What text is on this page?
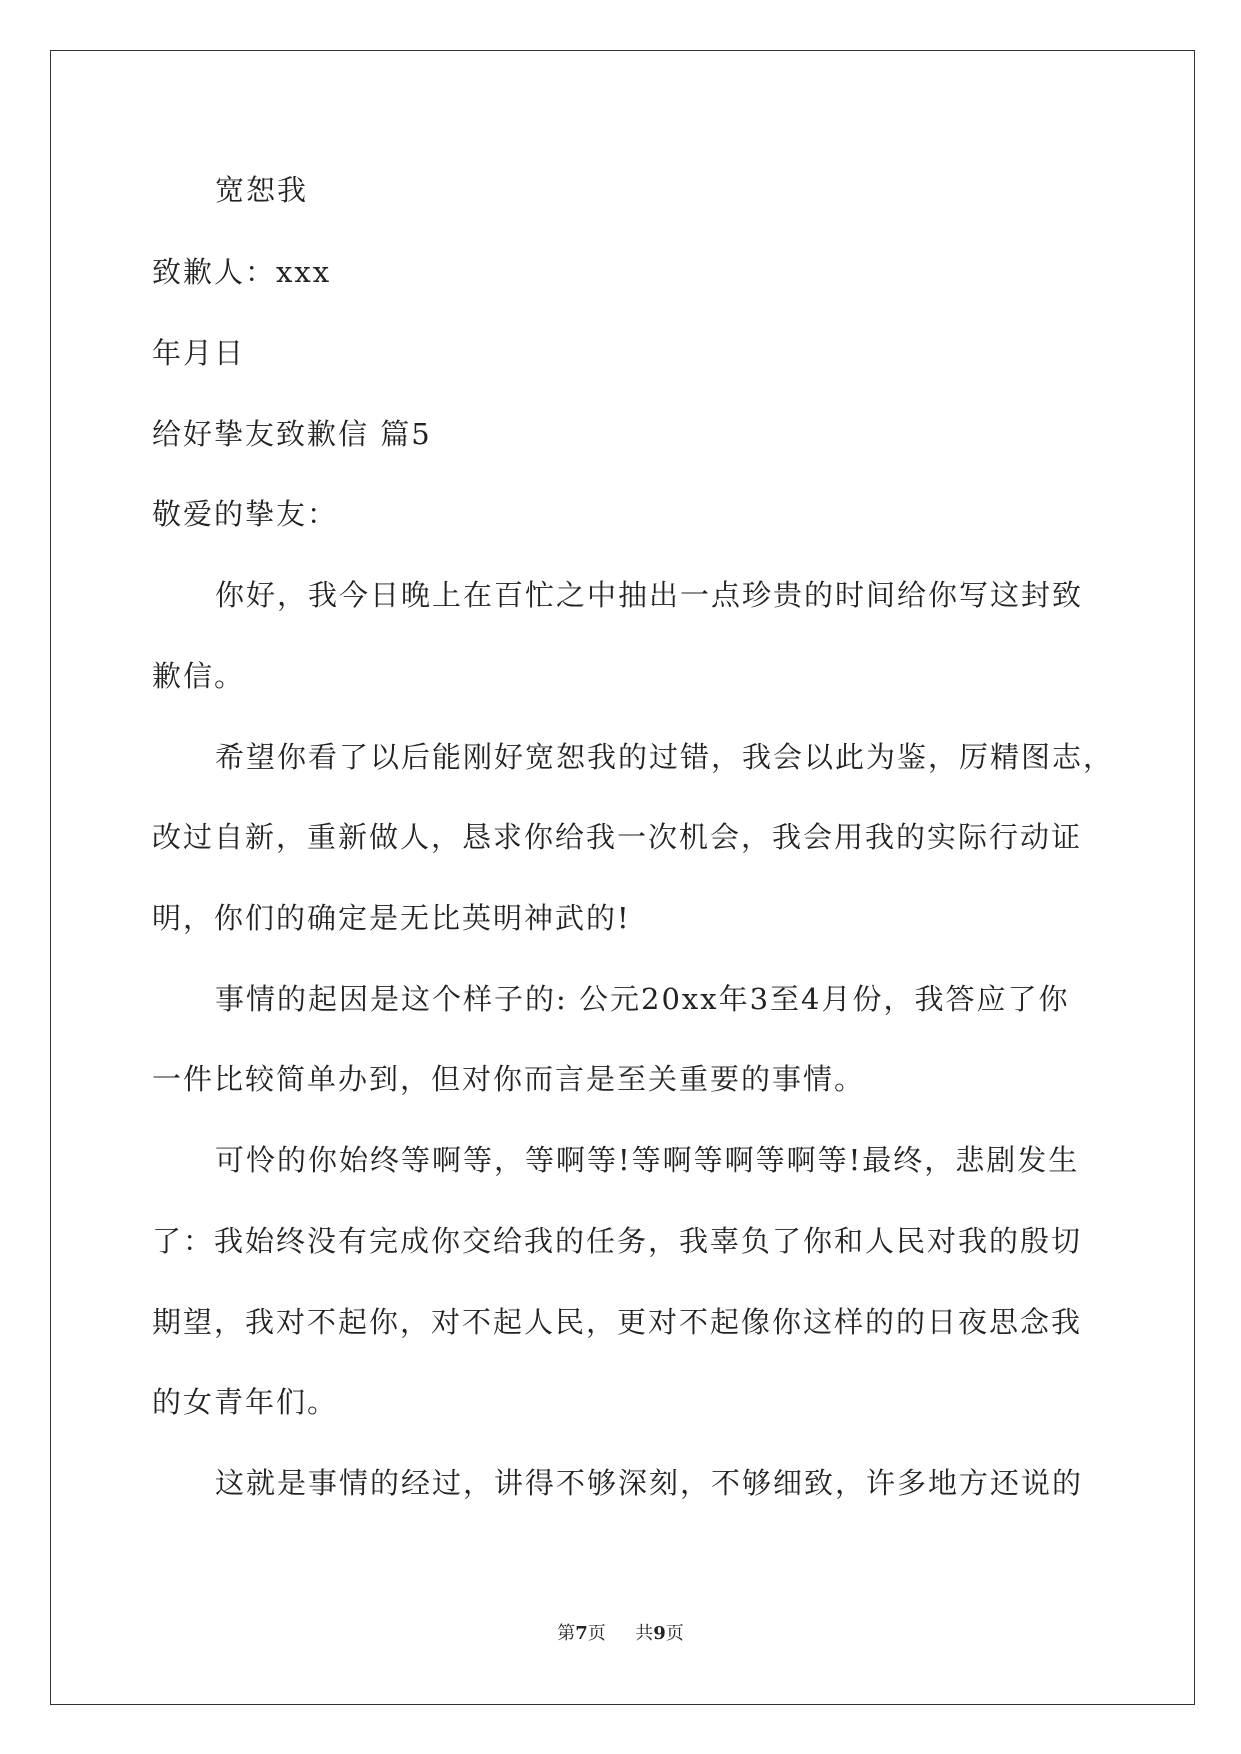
宽恕我
致歉人：xxx
年月日
给好挚友致歉信 篇5
敬爱的挚友：
你好，我今日晚上在百忙之中抽出一点珍贵的时间给你写这封致
歉信。
希望你看了以后能刚好宽恕我的过错，我会以此为鉴，厉精图志，
改过自新，重新做人，恳求你给我一次机会，我会用我的实际行动证
明，你们的确定是无比英明神武的!
事情的起因是这个样子的: 公元20xx年3至4月份，我答应了你
一件比较简单办到，但对你而言是至关重要的事情。
可怜的你始终等啊等，等啊等!等啊等啊等啊等!最终，悲剧发生
了：我始终没有完成你交给我的任务，我辜负了你和人民对我的殷切
期望，我对不起你，对不起人民，更对不起像你这样的的日夜思念我
的女青年们。
这就是事情的经过，讲得不够深刻，不够细致，许多地方还说的
第7页 共9页
